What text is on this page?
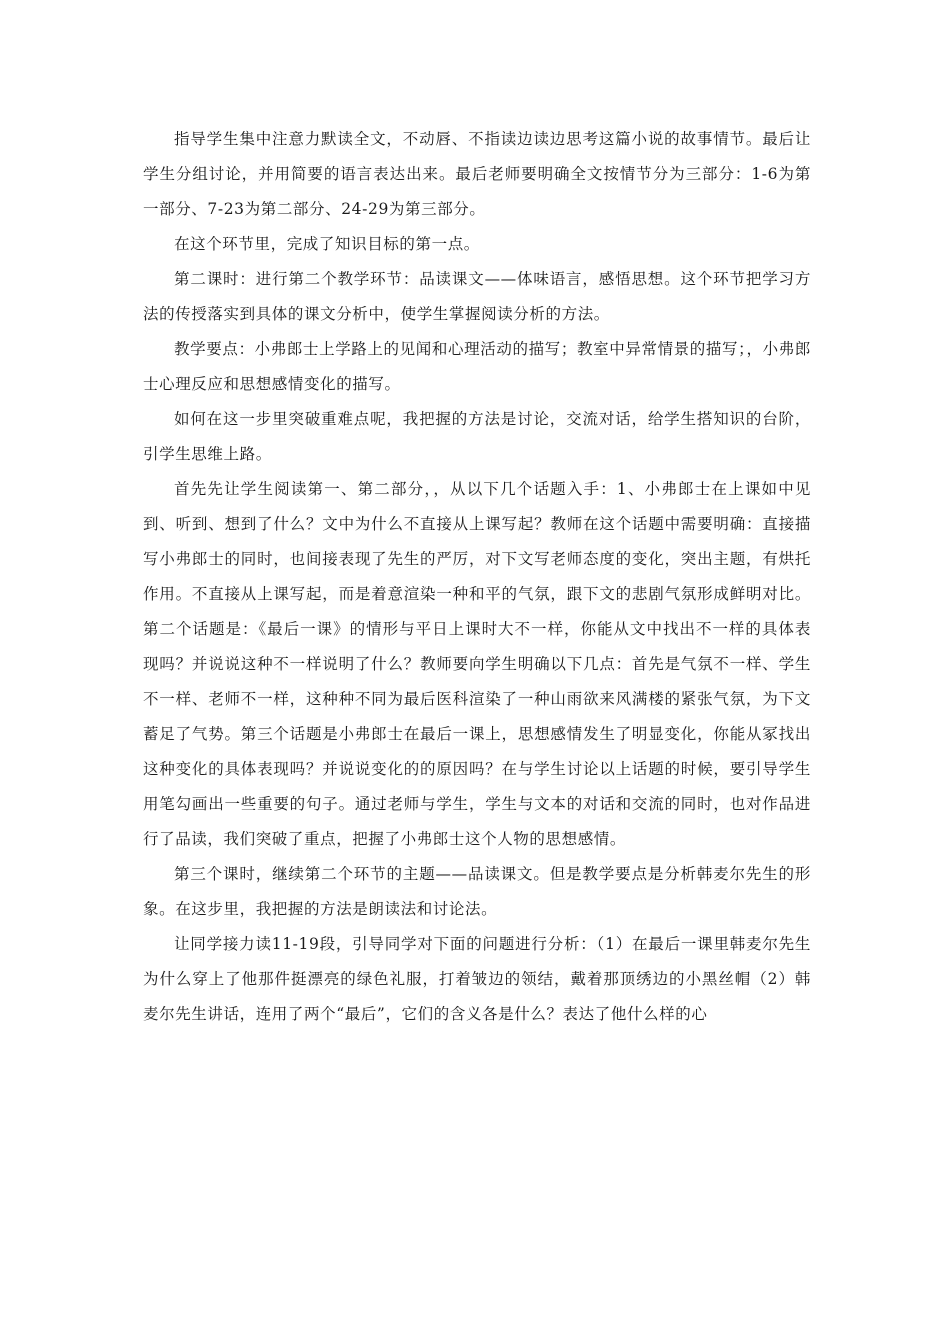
指导学生集中注意力默读全文，不动唇、不指读边读边思考这篇小说的故事情节。最后让学生分组讨论，并用简要的语言表达出来。最后老师要明确全文按情节分为三部分：1-6为第一部分、7-23为第二部分、24-29为第三部分。

在这个环节里，完成了知识目标的第一点。

第二课时：进行第二个教学环节：品读课文——体味语言，感悟思想。这个环节把学习方法的传授落实到具体的课文分析中，使学生掌握阅读分析的方法。

教学要点：小弗郎士上学路上的见闻和心理活动的描写；教室中异常情景的描写；，小弗郎士心理反应和思想感情变化的描写。

如何在这一步里突破重难点呢，我把握的方法是讨论，交流对话，给学生搭知识的台阶，引学生思维上路。

首先先让学生阅读第一、第二部分，，从以下几个话题入手：1、小弗郎士在上课如中见到、听到、想到了什么？文中为什么不直接从上课写起？教师在这个话题中需要明确：直接描写小弗郎士的同时，也间接表现了先生的严厉，对下文写老师态度的变化，突出主题，有烘托作用。不直接从上课写起，而是着意渲染一种和平的气氛，跟下文的悲剧气氛形成鲜明对比。第二个话题是：《最后一课》的情形与平日上课时大不一样，你能从文中找出不一样的具体表现吗？并说说这种不一样说明了什么？教师要向学生明确以下几点：首先是气氛不一样、学生不一样、老师不一样，这种种不同为最后医科渲染了一种山雨欲来风满楼的紧张气氛，为下文蓄足了气势。第三个话题是小弗郎士在最后一课上，思想感情发生了明显变化，你能从冢找出这种变化的具体表现吗？并说说变化的的原因吗？在与学生讨论以上话题的时候，要引导学生用笔勾画出一些重要的句子。通过老师与学生，学生与文本的对话和交流的同时，也对作品进行了品读，我们突破了重点，把握了小弗郎士这个人物的思想感情。

第三个课时，继续第二个环节的主题——品读课文。但是教学要点是分析韩麦尔先生的形象。在这步里，我把握的方法是朗读法和讨论法。

让同学接力读11-19段，引导同学对下面的问题进行分析：（1）在最后一课里韩麦尔先生为什么穿上了他那件挺漂亮的绿色礼服，打着皱边的领结，戴着那顶绣边的小黑丝帽（2）韩麦尔先生讲话，连用了两个“最后”，它们的含义各是什么？表达了他什么样的心
